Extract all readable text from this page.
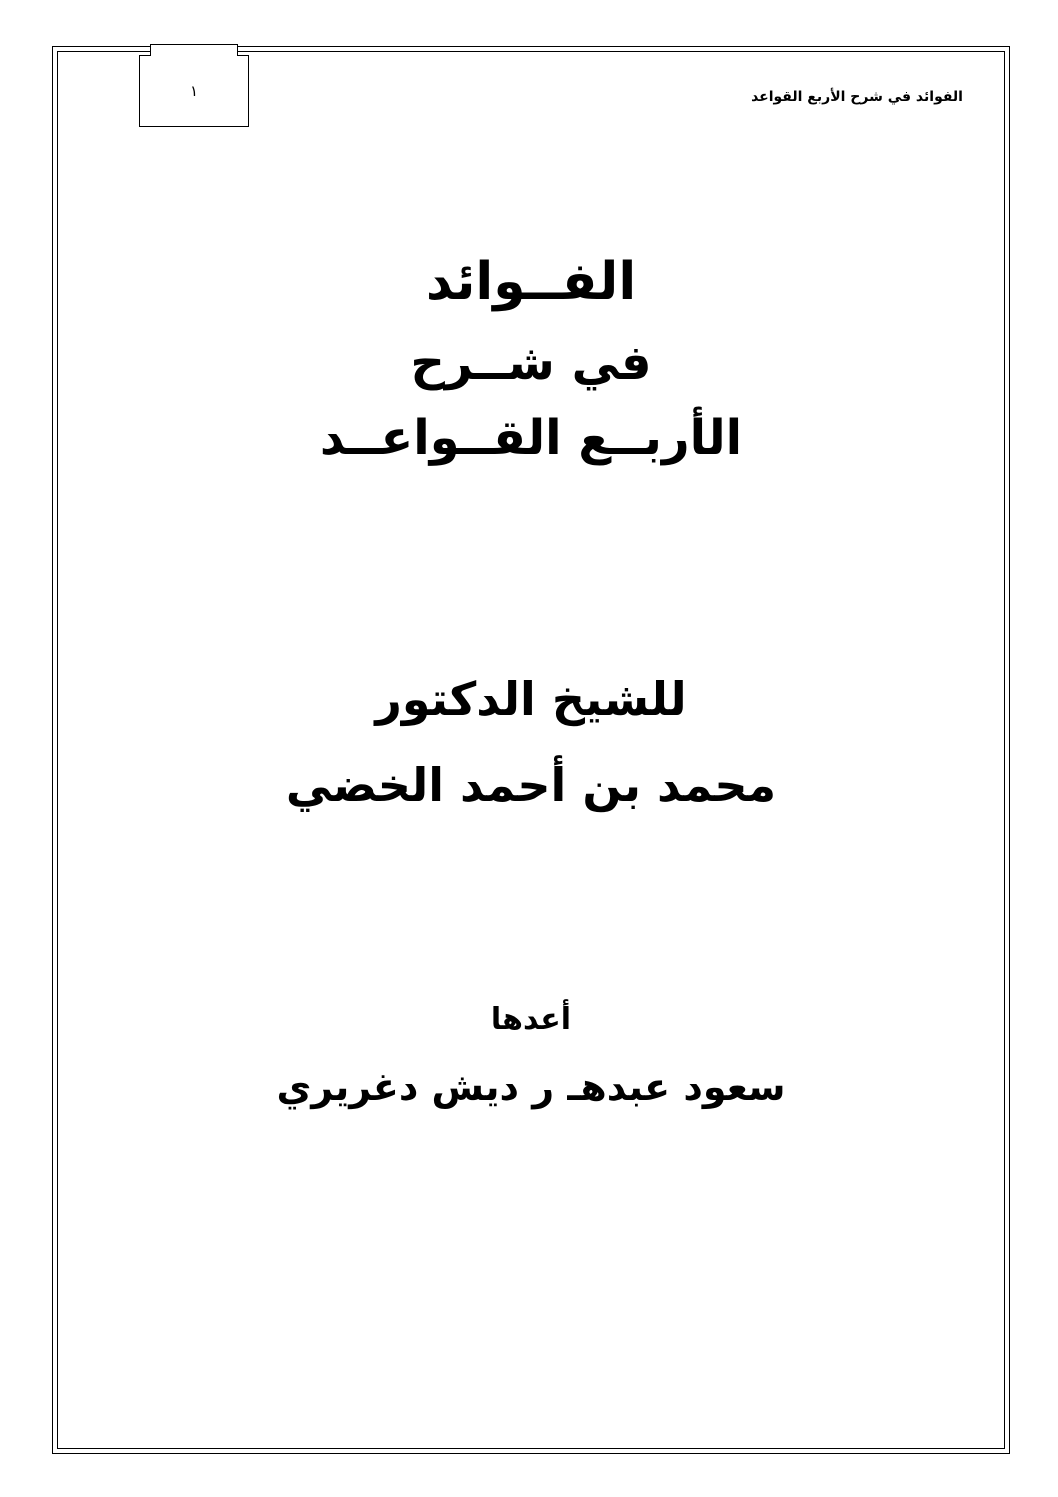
١	الفوائد في شرح الأربع القواعد
الفــوائد
في شــرح
الأربــع القــواعــد
للشيخ الدكتور
محمد بن أحمد الخضي
أعدها
سعود عبدهـ ر ديش دغريري
